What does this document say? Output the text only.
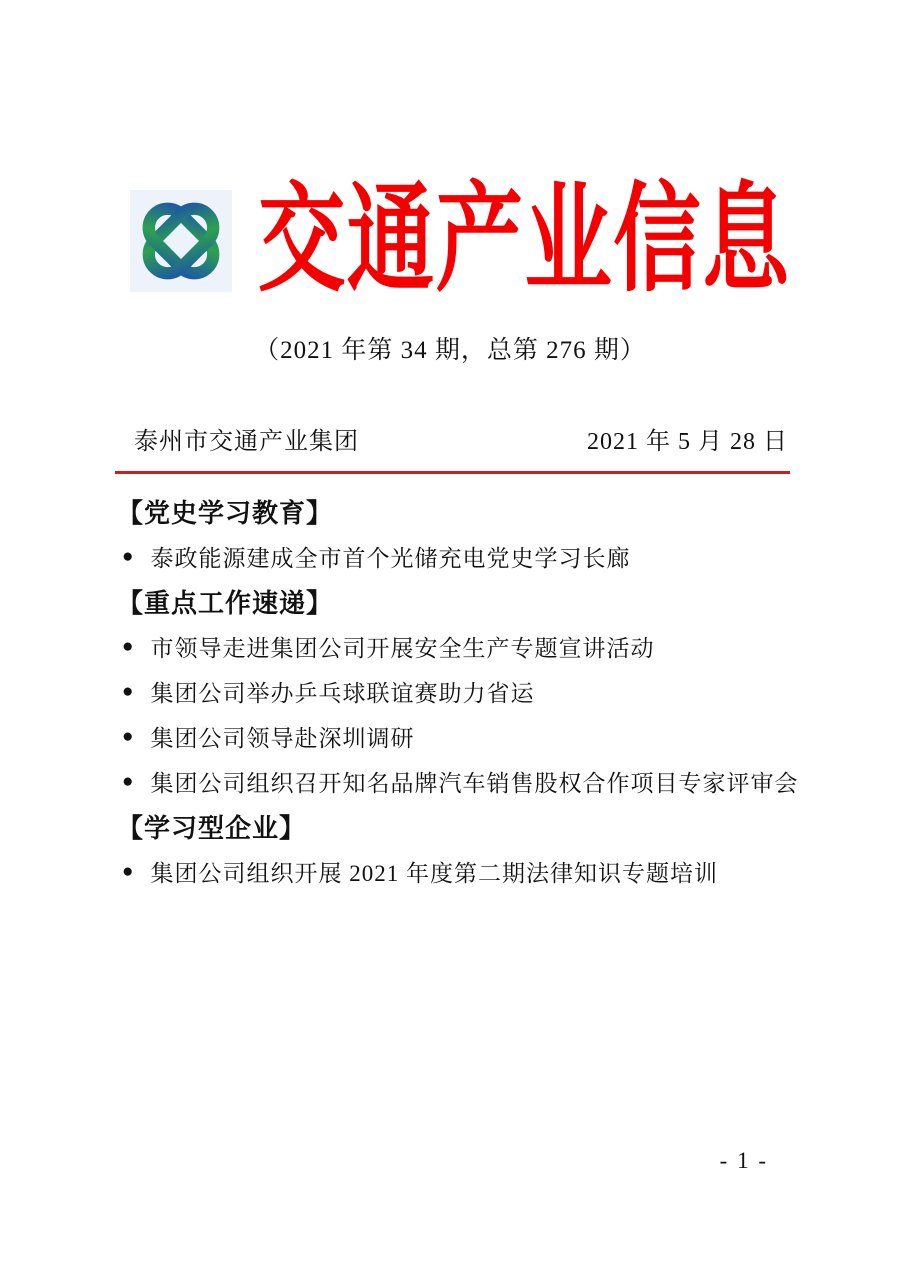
交通产业信息
（2021 年第 34 期，总第 276 期）
泰州市交通产业集团	2021 年 5 月 28 日
【党史学习教育】
● 泰政能源建成全市首个光储充电党史学习长廊
【重点工作速递】
● 市领导走进集团公司开展安全生产专题宣讲活动
● 集团公司举办乒乓球联谊赛助力省运
● 集团公司领导赴深圳调研
● 集团公司组织召开知名品牌汽车销售股权合作项目专家评审会
【学习型企业】
● 集团公司组织开展 2021 年度第二期法律知识专题培训
- 1 -
